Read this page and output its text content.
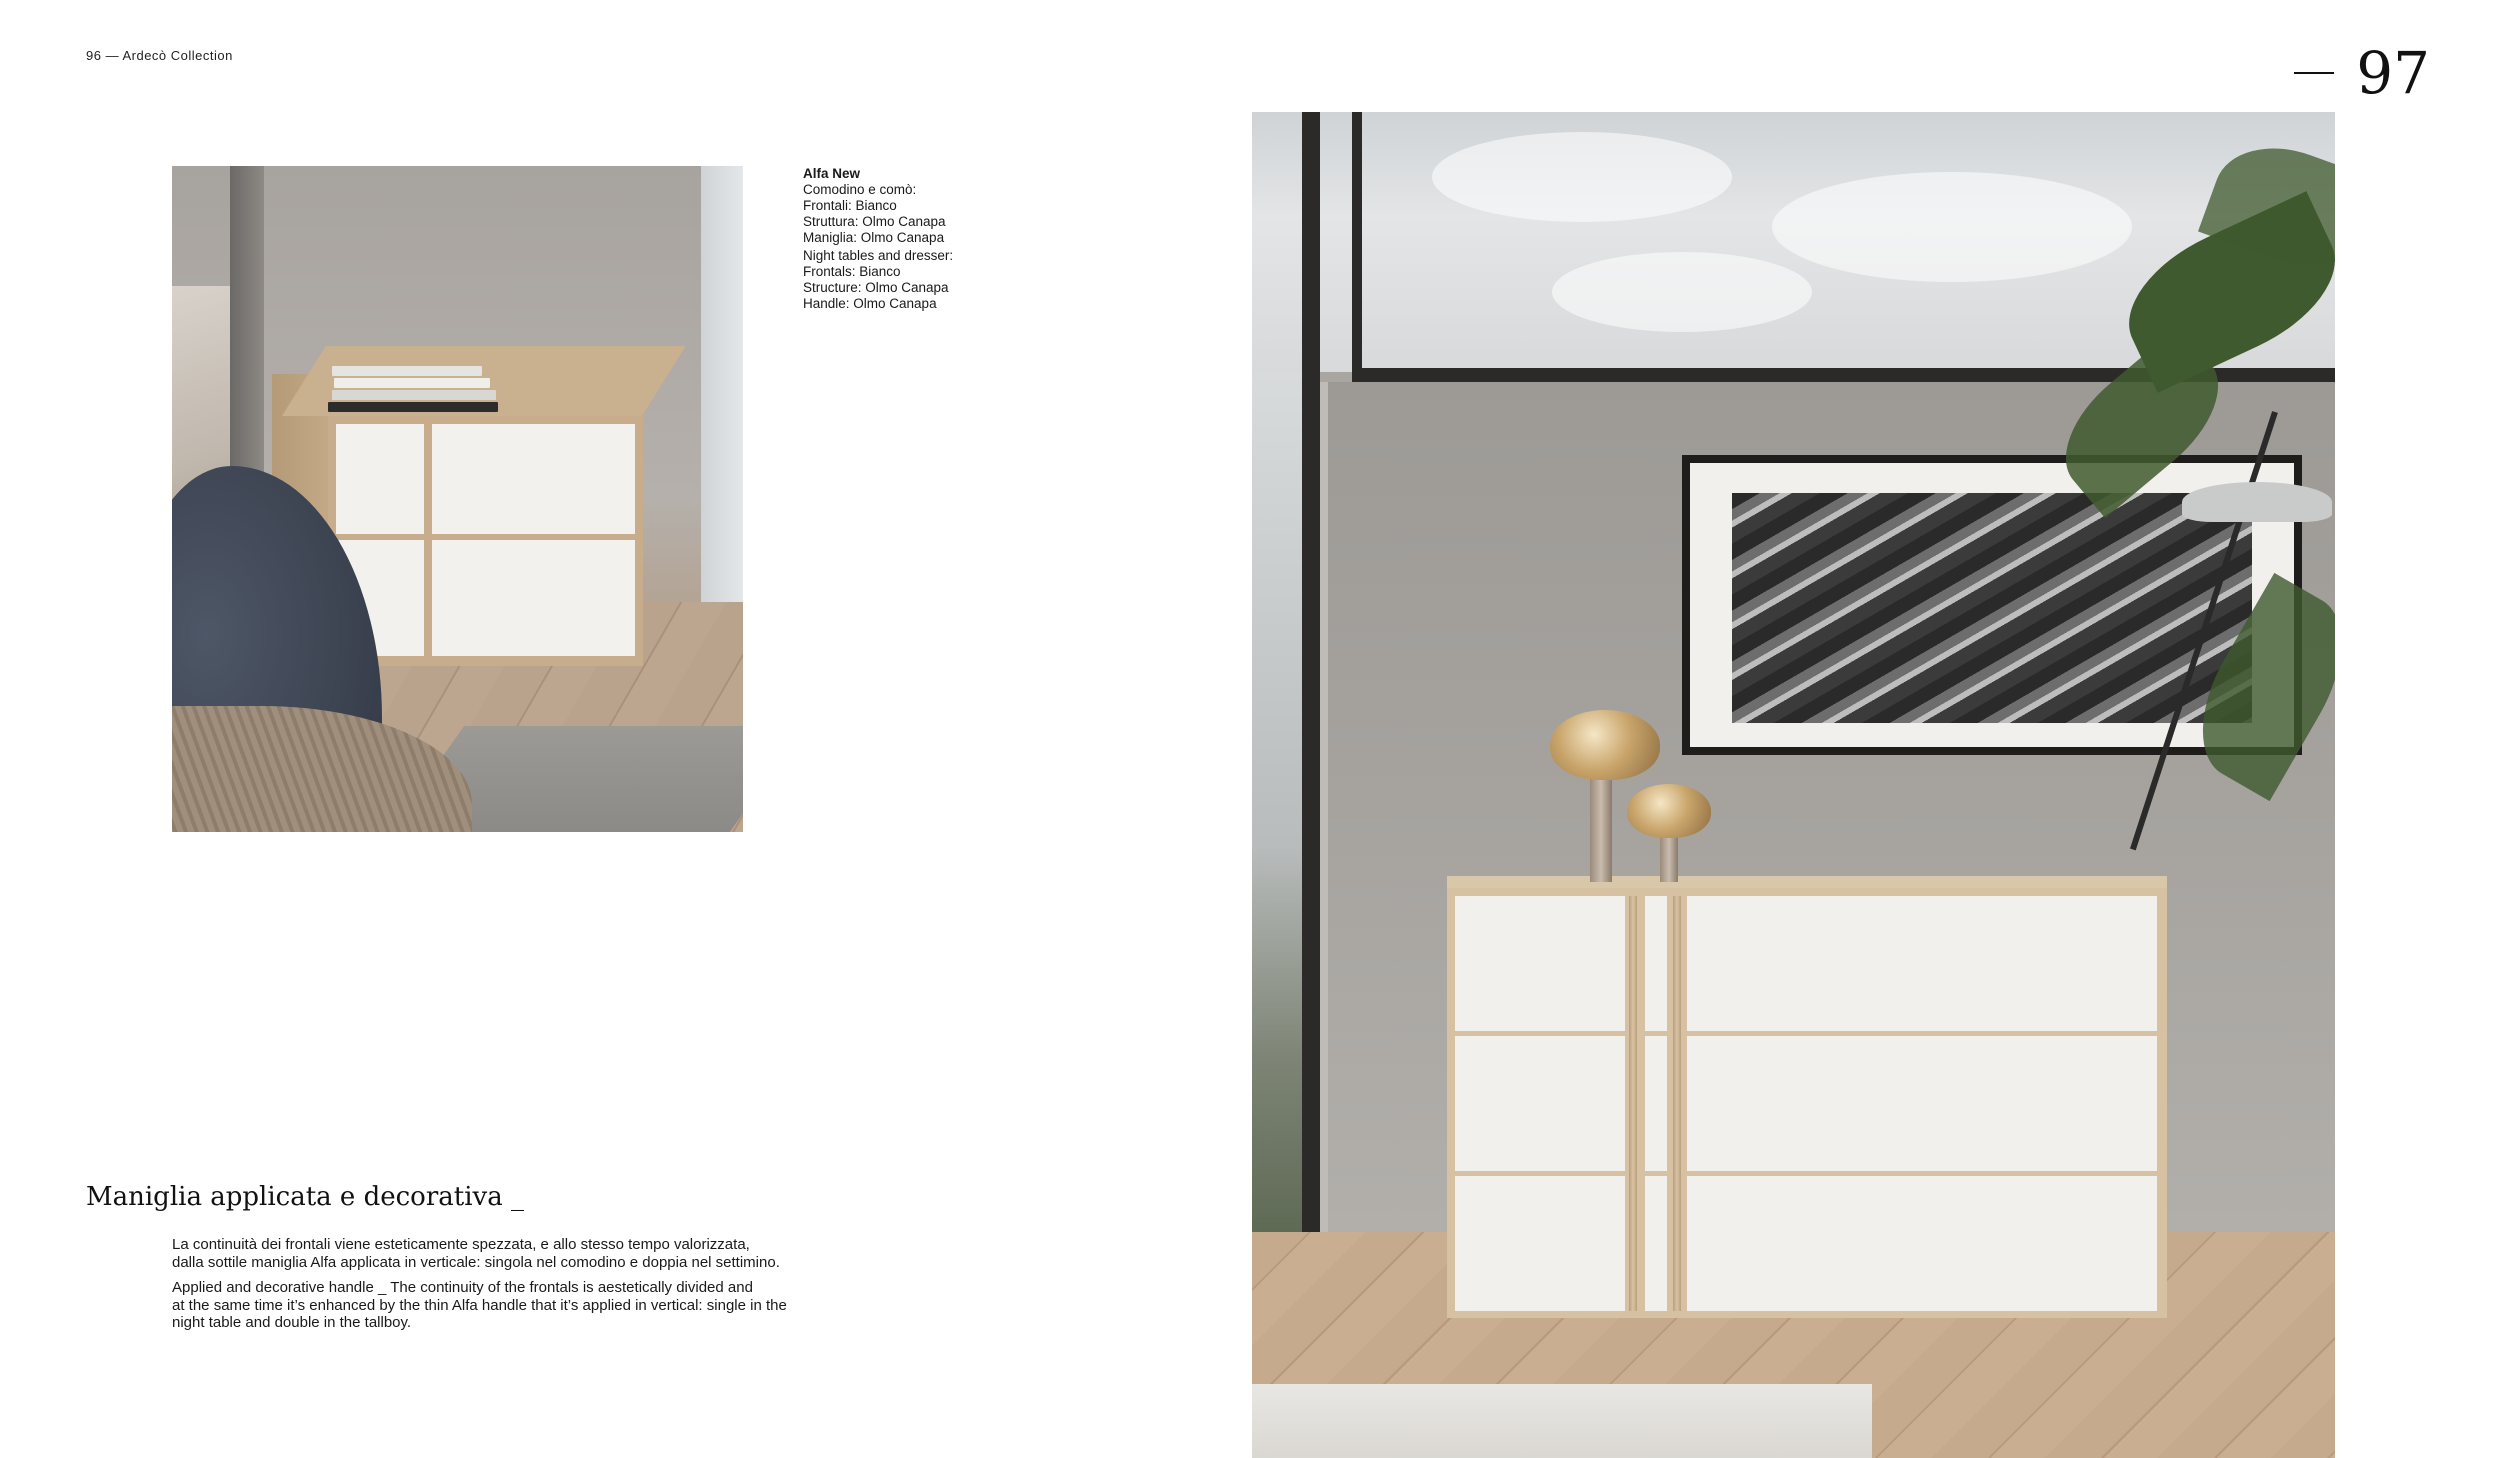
96 — Ardecò Collection	97
Alfa New
Comodino e comò:
Frontali: Bianco
Struttura: Olmo Canapa
Maniglia: Olmo Canapa
Night tables and dresser:
Frontals: Bianco
Structure: Olmo Canapa
Handle: Olmo Canapa
Maniglia applicata e decorativa _

La continuità dei frontali viene esteticamente spezzata, e allo stesso tempo valorizzata,
dalla sottile maniglia Alfa applicata in verticale: singola nel comodino e doppia nel settimino.

Applied and decorative handle _ The continuity of the frontals is aestetically divided and
at the same time it’s enhanced by the thin Alfa handle that it’s applied in vertical: single in the
night table and double in the tallboy.
